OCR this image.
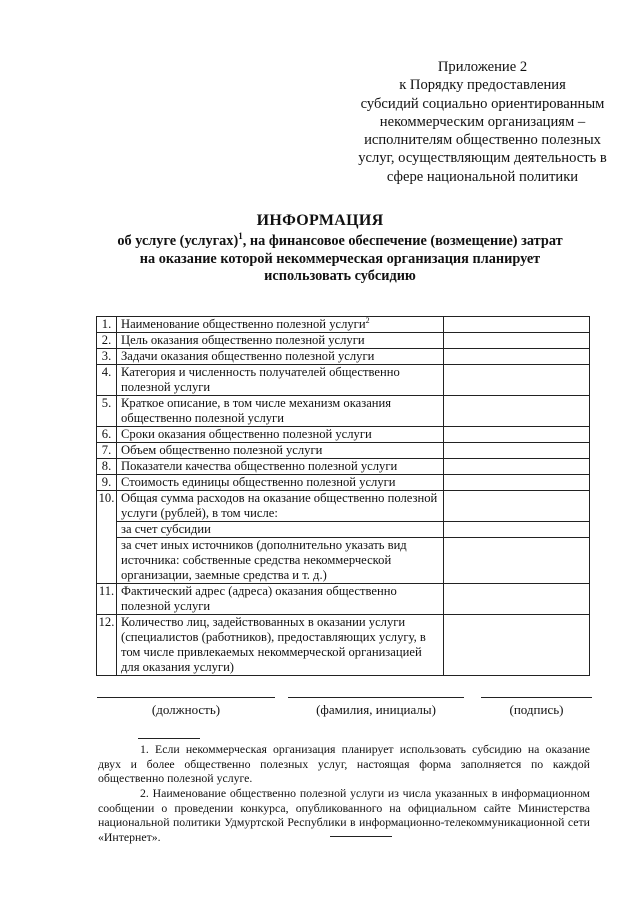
Приложение 2
к Порядку предоставления
субсидий социально ориентированным
некоммерческим организациям –
исполнителям общественно полезных
услуг, осуществляющим деятельность в
сфере национальной политики
ИНФОРМАЦИЯ
об услуге (услугах)$^1$, на финансовое обеспечение (возмещение) затрат
на оказание которой некоммерческая организация планирует
использовать субсидию
1.	Наименование общественно полезной услуги$^2$	
2.	Цель оказания общественно полезной услуги	
3.	Задачи оказания общественно полезной услуги	
4.	Категория и численность получателей общественно полезной услуги	
5.	Краткое описание, в том числе механизм оказания общественно полезной услуги	
6.	Сроки оказания общественно полезной услуги	
7.	Объем общественно полезной услуги	
8.	Показатели качества общественно полезной услуги	
9.	Стоимость единицы общественно полезной услуги	
10.	Общая сумма расходов на оказание общественно полезной услуги (рублей), в том числе:	
	за счет субсидии	
	за счет иных источников (дополнительно указать вид источника: собственные средства некоммерческой организации, заемные средства и т. д.)	
11.	Фактический адрес (адреса) оказания общественно полезной услуги	
12.	Количество лиц, задействованных в оказании услуги (специалистов (работников), предоставляющих услугу, в том числе привлекаемых некоммерческой организацией для оказания услуги)	
(должность)	(фамилия, инициалы)	(подпись)

1. Если некоммерческая организация планирует использовать субсидию на оказание двух и более общественно полезных услуг, настоящая форма заполняется по каждой общественно полезной услуге.

2. Наименование общественно полезной услуги из числа указанных в информационном сообщении о проведении конкурса, опубликованного на официальном сайте Министерства национальной политики Удмуртской Республики в информационно-телекоммуникационной сети «Интернет».
